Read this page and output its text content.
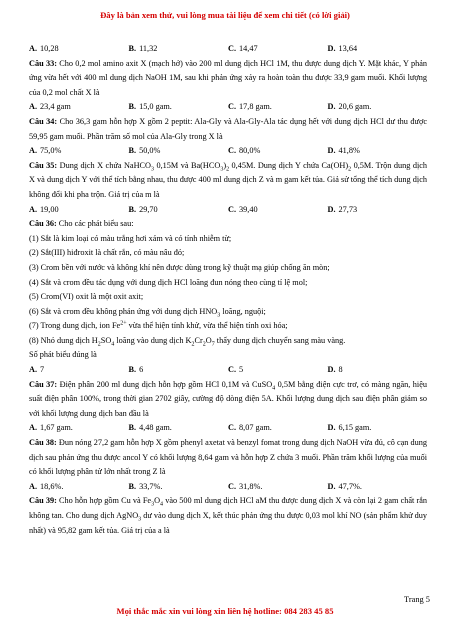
Đây là bản xem thử, vui lòng mua tài liệu để xem chi tiết (có lời giải)
A. 10,28	B. 11,32	C. 14,47	D. 13,64

Câu 33: Cho 0,2 mol amino axit X (mạch hở) vào 200 ml dung dịch HCl 1M, thu được dung dịch Y. Mặt khác, Y phản ứng vừa hết với 400 ml dung dịch NaOH 1M, sau khi phản ứng xảy ra hoàn toàn thu được 33,9 gam muối. Khối lượng của 0,2 mol chất X là

A. 23,4 gam	B. 15,0 gam.	C. 17,8 gam.	D. 20,6 gam.

Câu 34: Cho 36,3 gam hỗn hợp X gồm 2 peptit: Ala-Gly và Ala-Gly-Ala tác dụng hết với dung dịch HCl dư thu được 59,95 gam muối. Phần trăm số mol của Ala-Gly trong X là

A. 75,0%	B. 50,0%	C. 80,0%	D. 41,8%

Câu 35: Dung dịch X chứa NaHCO$_3$ 0,15M và $Ba(HCO_3)_2$ 0,45M. Dung dịch Y chứa $Ca(OH)_2$ 0,5M. Trộn dung dịch X và dung dịch Y với thể tích bằng nhau, thu được 400 ml dung dịch Z và m gam kết tủa. Giả sử tổng thể tích dung dịch không đổi khi pha trộn. Giá trị của m là

A. 19,00	B. 29,70	C. 39,40	D. 27,73

Câu 36: Cho các phát biểu sau:

(1) Sắt là kim loại có màu trắng hơi xám và có tính nhiễm từ;

(2) Sắt(III) hiđroxit là chất rắn, có màu nâu đỏ;

(3) Crom bền với nước và không khí nên được dùng trong kỹ thuật mạ giúp chống ăn mòn;

(4) Sắt và crom đều tác dụng với dung dịch HCl loãng đun nóng theo cùng tỉ lệ mol;

(5) Crom(VI) oxit là một oxit axit;

(6) Sắt và crom đều không phản ứng với dung dịch $HNO_3$ loãng, nguội;

(7) Trong dung dịch, ion $Fe^{2+}$ vừa thể hiện tính khử, vừa thể hiện tính oxi hóa;

(8) Nhỏ dung dịch $H_2SO_4$ loãng vào dung dịch $K_2Cr_2O_7$ thấy dung dịch chuyển sang màu vàng.

Số phát biểu đúng là

A. 7	B. 6	C. 5	D. 8

Câu 37: Điện phân 200 ml dung dịch hỗn hợp gồm HCl 0,1M và CuSO$_4$ 0,5M bằng điện cực trơ, có màng ngăn, hiệu suất điện phân 100%, trong thời gian 2702 giây, cường độ dòng điện 5A. Khối lượng dung dịch sau điện phân giảm so với khối lượng dung dịch ban đầu là

A. 1,67 gam.	B. 4,48 gam.	C. 8,07 gam.	D. 6,15 gam.

Câu 38: Đun nóng 27,2 gam hỗn hợp X gồm phenyl axetat và benzyl fomat trong dung dịch NaOH vừa đủ, cô cạn dung dịch sau phản ứng thu được ancol Y có khối lượng 8,64 gam và hỗn hợp Z chứa 3 muối. Phần trăm khối lượng của muối có khối lượng phân tử lớn nhất trong Z là

A. 18,6%.	B. 33,7%.	C. 31,8%.	D. 47,7%.

Câu 39: Cho hỗn hợp gồm Cu và $Fe_3O_4$ vào 500 ml dung dịch HCl aM thu được dung dịch X và còn lại 2 gam chất rắn không tan. Cho dung dịch AgNO$_3$ dư vào dung dịch X, kết thúc phản ứng thu được 0,03 mol khí NO (sản phẩm khử duy nhất) và 95,82 gam kết tủa. Giá trị của a là

Trang 5
Mọi thắc mắc xin vui lòng xin liên hệ hotline: 084 283 45 85
